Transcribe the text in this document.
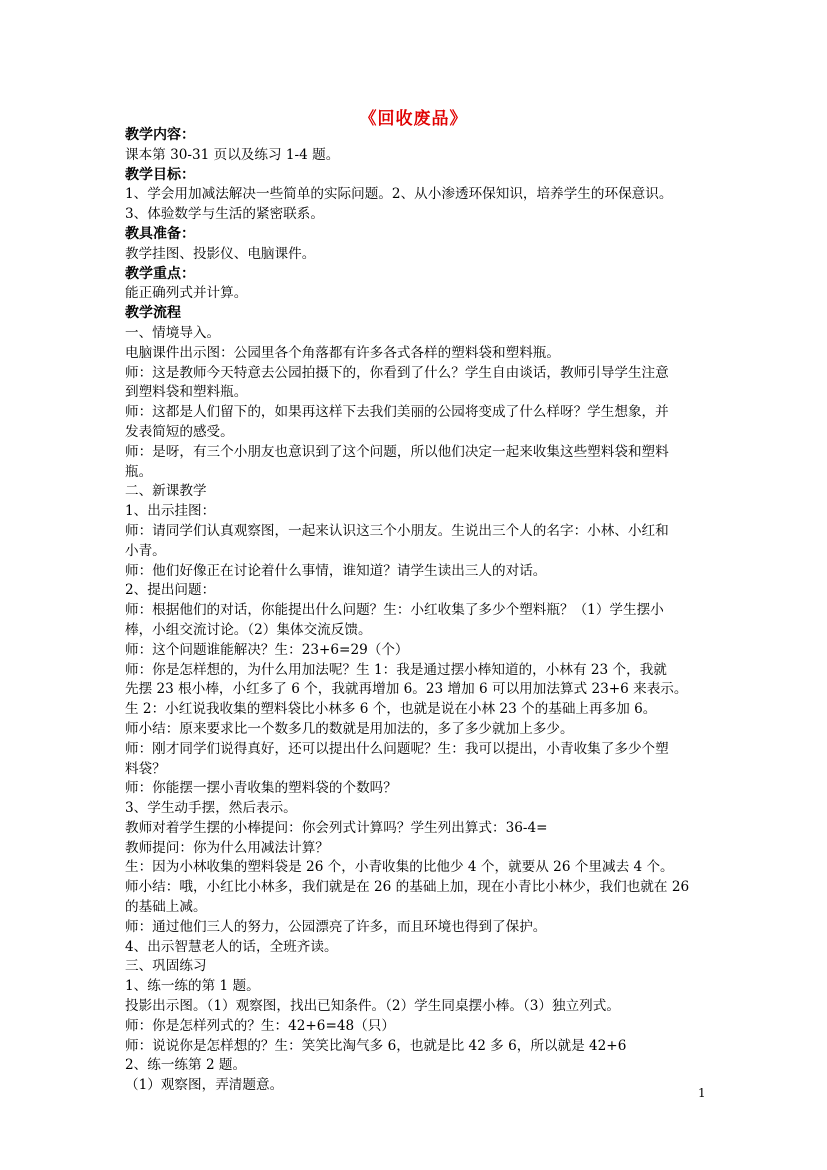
《回收废品》

教学内容：

课本第 30-31 页以及练习 1-4 题。

教学目标：

1、学会用加减法解决一些简单的实际问题。2、从小渗透环保知识，培养学生的环保意识。

3、体验数学与生活的紧密联系。

教具准备：

教学挂图、投影仪、电脑课件。

教学重点：

能正确列式并计算。

教学流程

一、情境导入。

电脑课件出示图：公园里各个角落都有许多各式各样的塑料袋和塑料瓶。

师：这是教师今天特意去公园拍摄下的，你看到了什么？学生自由谈话，教师引导学生注意

到塑料袋和塑料瓶。

师：这都是人们留下的，如果再这样下去我们美丽的公园将变成了什么样呀？学生想象，并

发表简短的感受。

师：是呀，有三个小朋友也意识到了这个问题，所以他们决定一起来收集这些塑料袋和塑料

瓶。

二、新课教学

1、出示挂图：

师：请同学们认真观察图，一起来认识这三个小朋友。生说出三个人的名字：小林、小红和

小青。

师：他们好像正在讨论着什么事情，谁知道？请学生读出三人的对话。

2、提出问题：

师：根据他们的对话，你能提出什么问题？生：小红收集了多少个塑料瓶？（1）学生摆小

棒，小组交流讨论。（2）集体交流反馈。

师：这个问题谁能解决？生：23+6=29（个）

师：你是怎样想的，为什么用加法呢？生 1：我是通过摆小棒知道的，小林有 23 个，我就

先摆 23 根小棒，小红多了 6 个，我就再增加 6。23 增加 6 可以用加法算式 23+6 来表示。

生 2：小红说我收集的塑料袋比小林多 6 个，也就是说在小林 23 个的基础上再多加 6。

师小结：原来要求比一个数多几的数就是用加法的，多了多少就加上多少。

师：刚才同学们说得真好，还可以提出什么问题呢？生：我可以提出，小青收集了多少个塑

料袋？

师：你能摆一摆小青收集的塑料袋的个数吗？

3、学生动手摆，然后表示。

教师对着学生摆的小棒提问：你会列式计算吗？学生列出算式：36-4=

教师提问：你为什么用减法计算？

生：因为小林收集的塑料袋是 26 个，小青收集的比他少 4 个，就要从 26 个里减去 4 个。

师小结：哦，小红比小林多，我们就是在 26 的基础上加，现在小青比小林少，我们也就在 26

的基础上减。

师：通过他们三人的努力，公园漂亮了许多，而且环境也得到了保护。

4、出示智慧老人的话，全班齐读。

三、巩固练习

1、练一练的第 1 题。

投影出示图。（1）观察图，找出已知条件。（2）学生同桌摆小棒。（3）独立列式。

师：你是怎样列式的？生：42+6=48（只）

师：说说你是怎样想的？生：笑笑比淘气多 6，也就是比 42 多 6，所以就是 42+6

2、练一练第 2 题。

（1）观察图，弄清题意。	1
